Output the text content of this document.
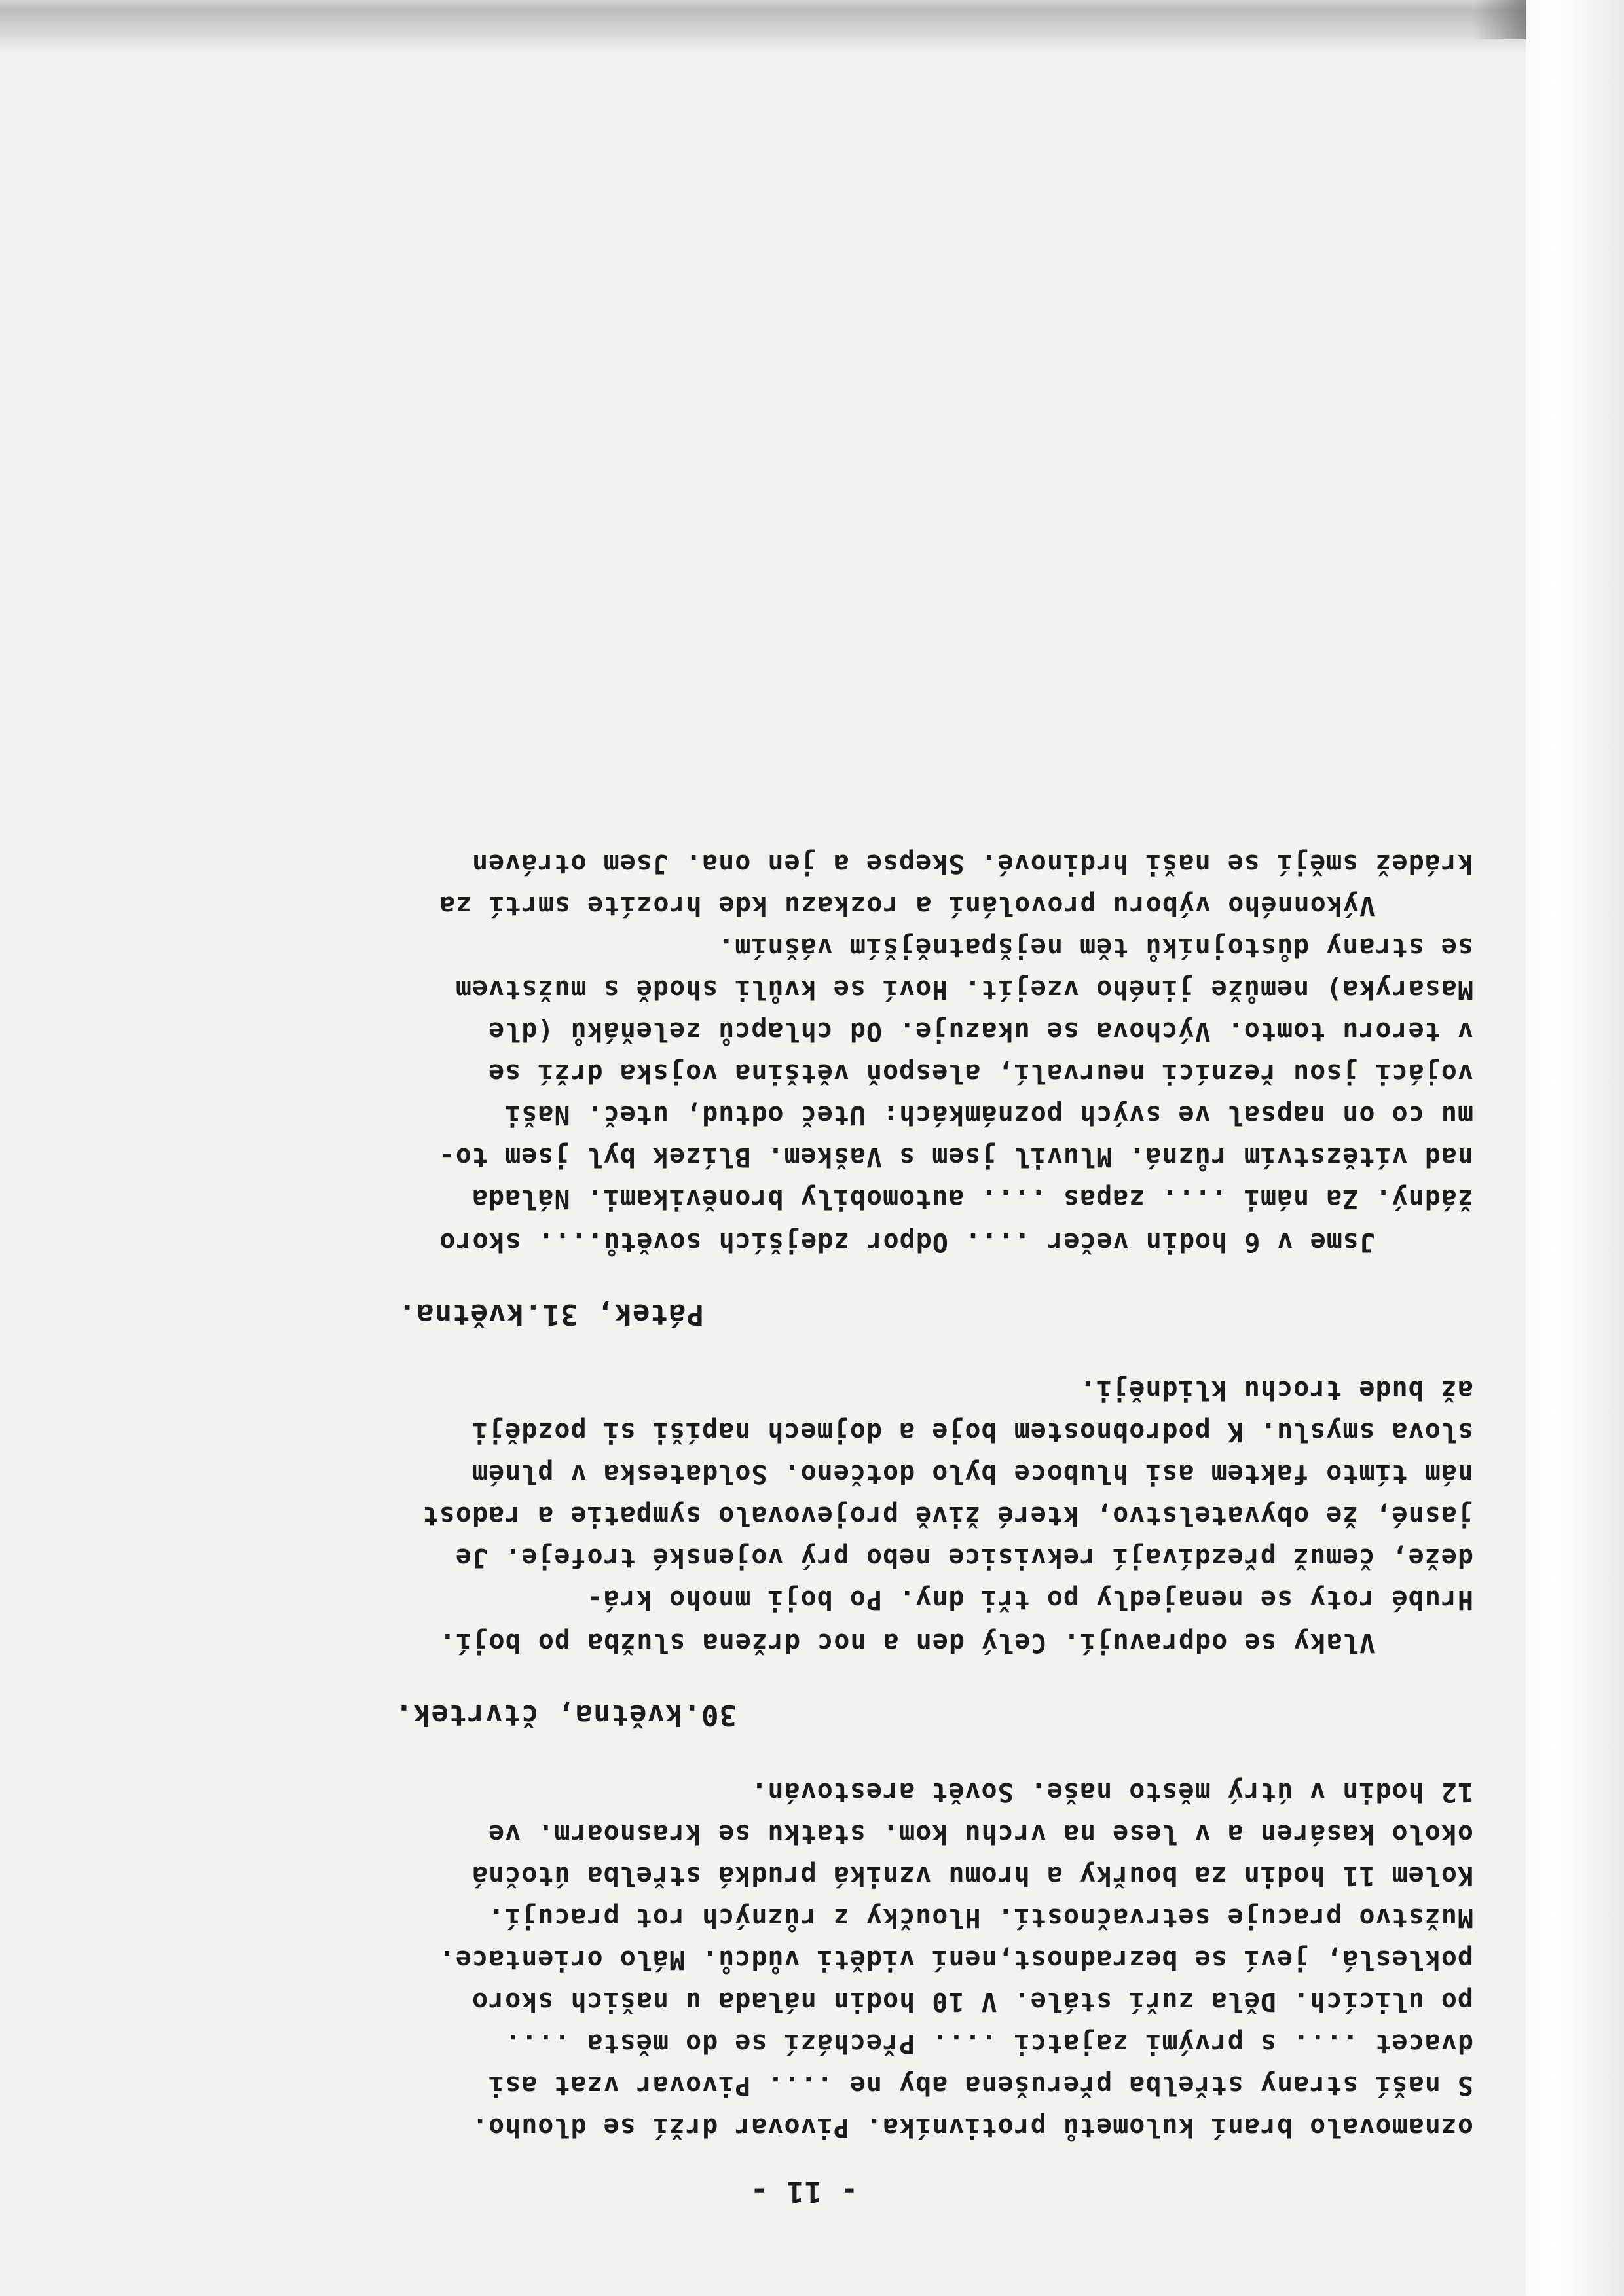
- 11 -
oznamovalo braní kulometů protivníka. Pivovar drží se dlouho.
S naší strany střelba přerušena aby ne .... Pivovar vzat asi
dvacet .... s prvými zajatci .... Přechází se do města ....
po ulicích. Děla zuří stále. V 10 hodin nálada u našich skoro
pokleslá, jeví se bezradnost,není viděti vůdců. Málo orientace.
Mužstvo pracuje setrvačností. Hloučky z různých rot pracují.
Kolem 11 hodin za bouřky a hromu vzniká prudká střelba útočná
okolo kasáren a v lese na vrchu kom. statku se krasnoarm. ve
12 hodin v útrý město naše. Sovět arestován.
30.května, čtvrtek.
Vlaky se odpravují. Celý den a noc držena služba po bojí.
Hrubé roty se nenajedly po tři dny. Po boji mnoho krá-
deže, čemuž přezdívají rekvisice nebo prý vojenské trofeje. Je
jasné, že obyvatelstvo, které živě projevovalo sympatie a radost
nám tímto faktem asi hluboce bylo dotčeno. Soldateska v plném
slova smyslu. K podrobnostem boje a dojmech napíši si později
až bude trochu klidněji.
Pátek, 31.května.
Jsme v 6 hodin večer .... Odpor zdejších sovětů.... skoro
žádný. Za námi .... zapas .... automobily broněvikami. Nálada
nad vítězstvím různá. Mluvil jsem s Vaškem. Blízek byl jsem to-
mu co on napsal ve svých poznámkách: Uteč odtud, uteč. Naši
vojáci jsou řezníci neurvalí, alespoň většina vojska drží se
v teroru tomto. Výchova se ukazuje. Od chlapců zeleňáků (dle
Masaryka) nemůže jiného vzejít. Hoví se kvůli shodě s mužstvem
se strany důstojníků těm nejšpatnějším vášním.
Výkonného výboru provolání a rozkazu kde hrozíte smrtí za
krádež smějí se naši hrdinové. Skepse a jen ona. Jsem otráven
